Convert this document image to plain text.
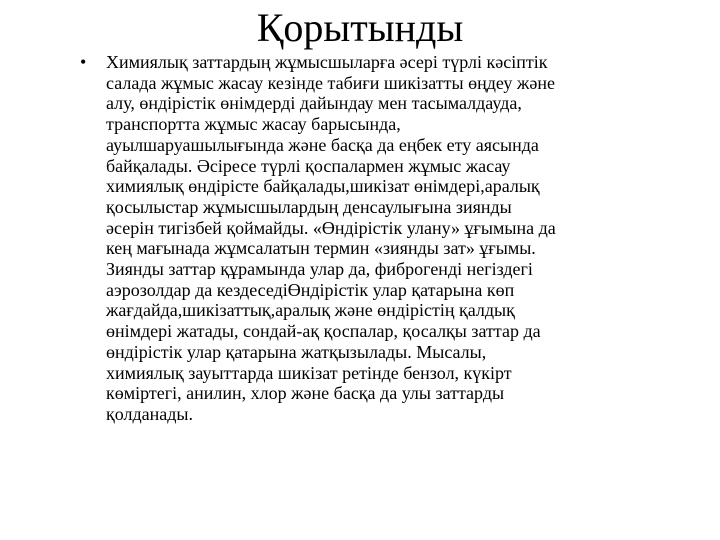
Қорытынды
• Химиялық заттардың жұмысшыларға әсері түрлі кәсіптік
салада жұмыс жасау кезінде табиғи шикізатты өңдеу және
алу, өндірістік өнімдерді дайындау мен тасымалдауда,
транспортта жұмыс жасау барысында,
ауылшаруашылығында және басқа да еңбек ету аясында
байқалады. Әсіресе түрлі қоспалармен жұмыс жасау
химиялық өндірісте байқалады,шикізат өнімдері,аралық
қосылыстар жұмысшылардың денсаулығына зиянды
әсерін тигізбей қоймайды. «Өндірістік улану» ұғымына да
кең мағынада жұмсалатын термин «зиянды зат» ұғымы.
Зиянды заттар құрамында улар да, фиброгенді негіздегі
аэрозолдар да кездеседіӨндірістік улар қатарына көп
жағдайда,шикізаттық,аралық және өндірістің қалдық
өнімдері жатады, сондай-ақ қоспалар, қосалқы заттар да
өндірістік улар қатарына жатқызылады. Мысалы,
химиялық зауыттарда шикізат ретінде бензол, күкірт
көміртегі, анилин, хлор және басқа да улы заттарды
қолданады.
